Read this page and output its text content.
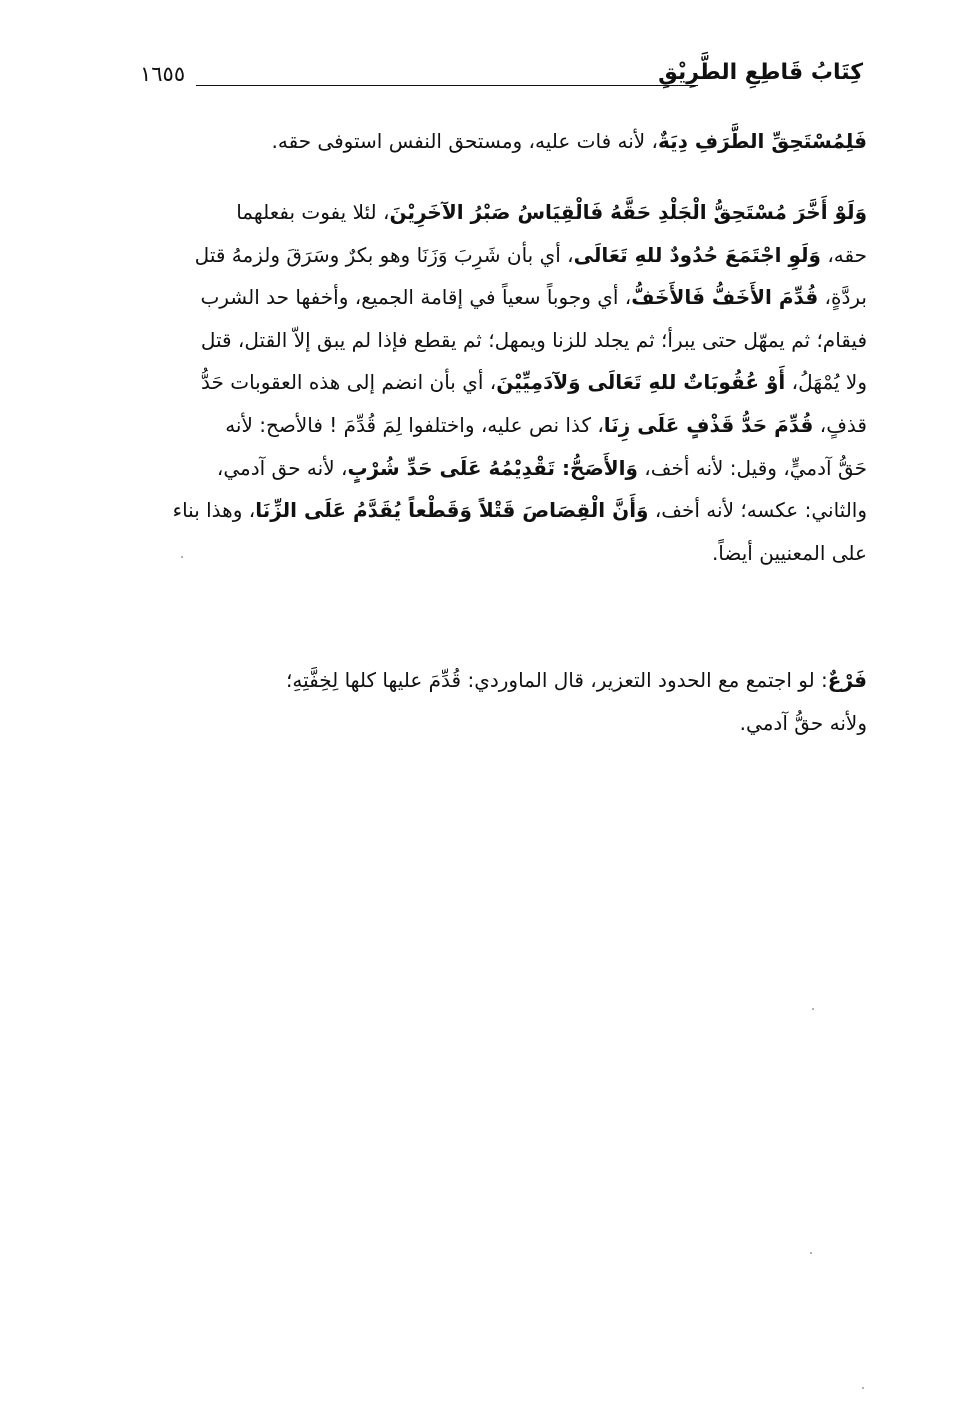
كِتَابُ قَاطِعِ الطَّرِيْقِ
١٦٥٥
فَلِمُسْتَحِقِّ الطَّرَفِ دِيَةٌ، لأنه فات عليه، ومستحق النفس استوفى حقه.
وَلَوْ أَخَّرَ مُسْتَحِقُّ الْجَلْدِ حَقَّهُ فَالْقِيَاسُ صَبْرُ الآخَرِيْنَ، لئلا يفوت بفعلهما
حقه، وَلَوِ اجْتَمَعَ حُدُودٌ للهِ تَعَالَى، أي بأن شَرِبَ وَزَنَا وهو بكرٌ وسَرَقَ ولزمهُ قتل
بردَّةٍ، قُدِّمَ الأَخَفُّ فَالأَخَفُّ، أي وجوباً سعياً في إقامة الجميع، وأخفها حد الشرب
فيقام؛ ثم يمهّل حتى يبرأ؛ ثم يجلد للزنا ويمهل؛ ثم يقطع فإذا لم يبق إلاّ القتل، قتل
ولا يُمْهَلُ، أَوْ عُقُوبَاتٌ للهِ تَعَالَى وَلآدَمِيِّيْنَ، أي بأن انضم إلى هذه العقوبات حَدُّ
قذفٍ، قُدِّمَ حَدُّ قَذْفٍ عَلَى زِنَا، كذا نص عليه، واختلفوا لِمَ قُدِّمَ ! فالأصح: لأنه
حَقُّ آدميٍّ، وقيل: لأنه أخف، وَالأَصَحُّ: تَقْدِيْمُهُ عَلَى حَدِّ شُرْبٍ، لأنه حق آدمي،
والثاني: عكسه؛ لأنه أخف، وَأَنَّ الْقِصَاصَ قَتْلاً وَقَطْعاً يُقَدَّمُ عَلَى الزِّنَا، وهذا بناء
على المعنيين أيضاً.
فَرْعٌ: لو اجتمع مع الحدود التعزير، قال الماوردي: قُدِّمَ عليها كلها لِخِفَّتِهِ؛
ولأنه حقُّ آدمي.
